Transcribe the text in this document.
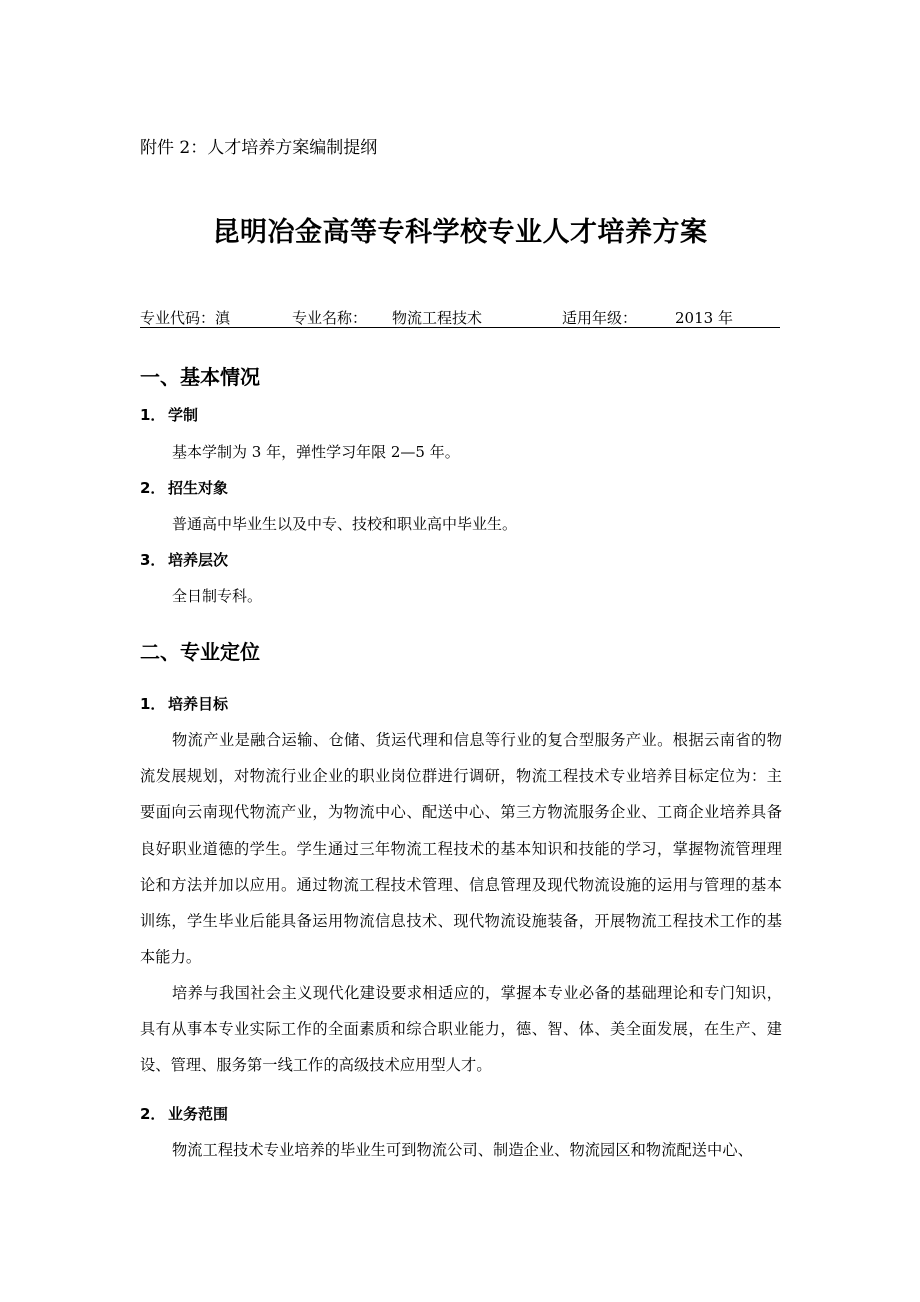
附件 2：人才培养方案编制提纲
昆明冶金高等专科学校专业人才培养方案
专业代码：滇	专业名称： 物流工程技术	适用年级：	2013 年
一、基本情况
1． 学制
基本学制为 3 年，弹性学习年限 2—5 年。
2． 招生对象
普通高中毕业生以及中专、技校和职业高中毕业生。
3． 培养层次
全日制专科。
二、专业定位
1． 培养目标
物流产业是融合运输、仓储、货运代理和信息等行业的复合型服务产业。根据云南省的物流发展规划，对物流行业企业的职业岗位群进行调研，物流工程技术专业培养目标定位为：主要面向云南现代物流产业，为物流中心、配送中心、第三方物流服务企业、工商企业培养具备良好职业道德的学生。学生通过三年物流工程技术的基本知识和技能的学习，掌握物流管理理论和方法并加以应用。通过物流工程技术管理、信息管理及现代物流设施的运用与管理的基本训练，学生毕业后能具备运用物流信息技术、现代物流设施装备，开展物流工程技术工作的基本能力。
培养与我国社会主义现代化建设要求相适应的，掌握本专业必备的基础理论和专门知识，具有从事本专业实际工作的全面素质和综合职业能力，德、智、体、美全面发展，在生产、建设、管理、服务第一线工作的高级技术应用型人才。
2． 业务范围
物流工程技术专业培养的毕业生可到物流公司、制造企业、物流园区和物流配送中心、
